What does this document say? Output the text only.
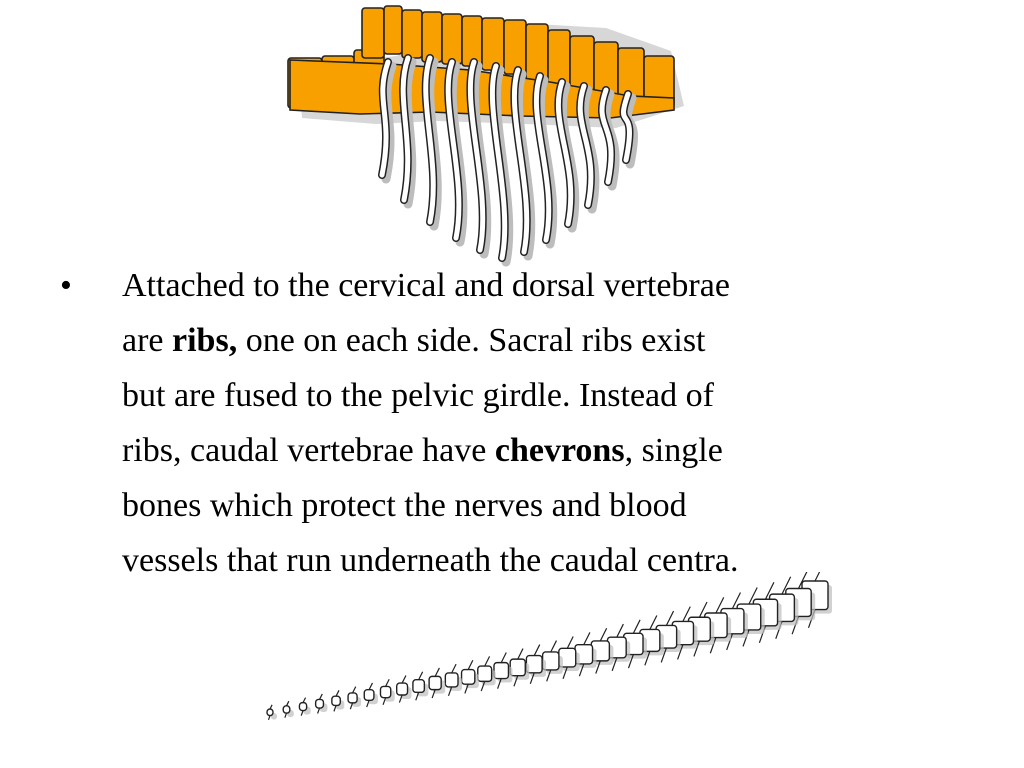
•	Attached to the cervical and dorsal vertebrae
are ribs, one on each side. Sacral ribs exist
but are fused to the pelvic girdle. Instead of
ribs, caudal vertebrae have chevrons, single
bones which protect the nerves and blood
vessels that run underneath the caudal centra.
